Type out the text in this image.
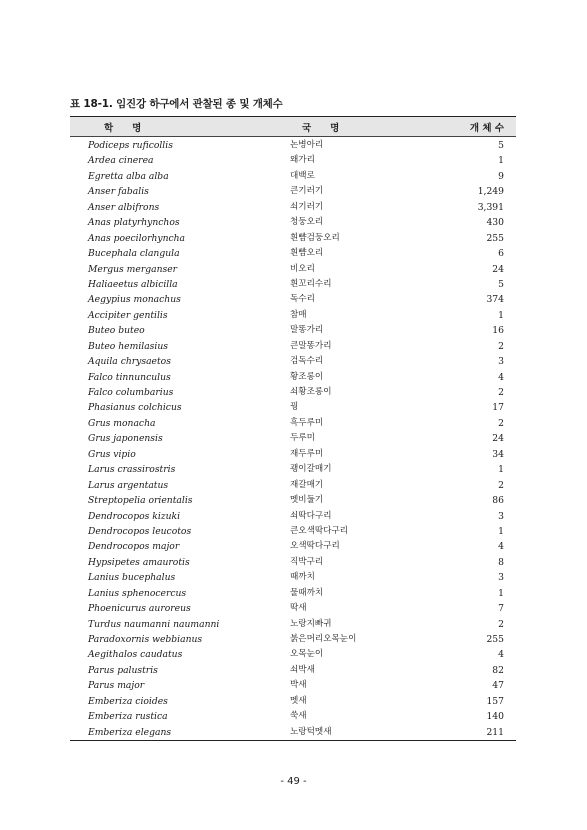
표 18-1. 임진강 하구에서 관찰된 종 및 개체수
학　　명	국　　명	개 체 수
Podiceps ruficollis	논병아리	5
Ardea cinerea	왜가리	1
Egretta alba alba	대백로	9
Anser fabalis	큰기러기	1,249
Anser albifrons	쇠기러기	3,391
Anas platyrhynchos	청둥오리	430
Anas poecilorhyncha	흰뺨검둥오리	255
Bucephala clangula	흰뺨오리	6
Mergus merganser	비오리	24
Haliaeetus albicilla	흰꼬리수리	5
Aegypius monachus	독수리	374
Accipiter gentilis	참매	1
Buteo buteo	말똥가리	16
Buteo hemilasius	큰말똥가리	2
Aquila chrysaetos	검독수리	3
Falco tinnunculus	황조롱이	4
Falco columbarius	쇠황조롱이	2
Phasianus colchicus	꿩	17
Grus monacha	흑두루미	2
Grus japonensis	두루미	24
Grus vipio	재두루미	34
Larus crassirostris	괭이갈매기	1
Larus argentatus	재갈매기	2
Streptopelia orientalis	멧비둘기	86
Dendrocopos kizuki	쇠딱다구리	3
Dendrocopos leucotos	큰오색딱다구리	1
Dendrocopos major	오색딱다구리	4
Hypsipetes amaurotis	직박구리	8
Lanius bucephalus	때까치	3
Lanius sphenocercus	물때까치	1
Phoenicurus auroreus	딱새	7
Turdus naumanni naumanni	노랑지빠귀	2
Paradoxornis webbianus	붉은머리오목눈이	255
Aegithalos caudatus	오목눈이	4
Parus palustris	쇠박새	82
Parus major	박새	47
Emberiza cioides	멧새	157
Emberiza rustica	쑥새	140
Emberiza elegans	노랑턱멧새	211
- 49 -
